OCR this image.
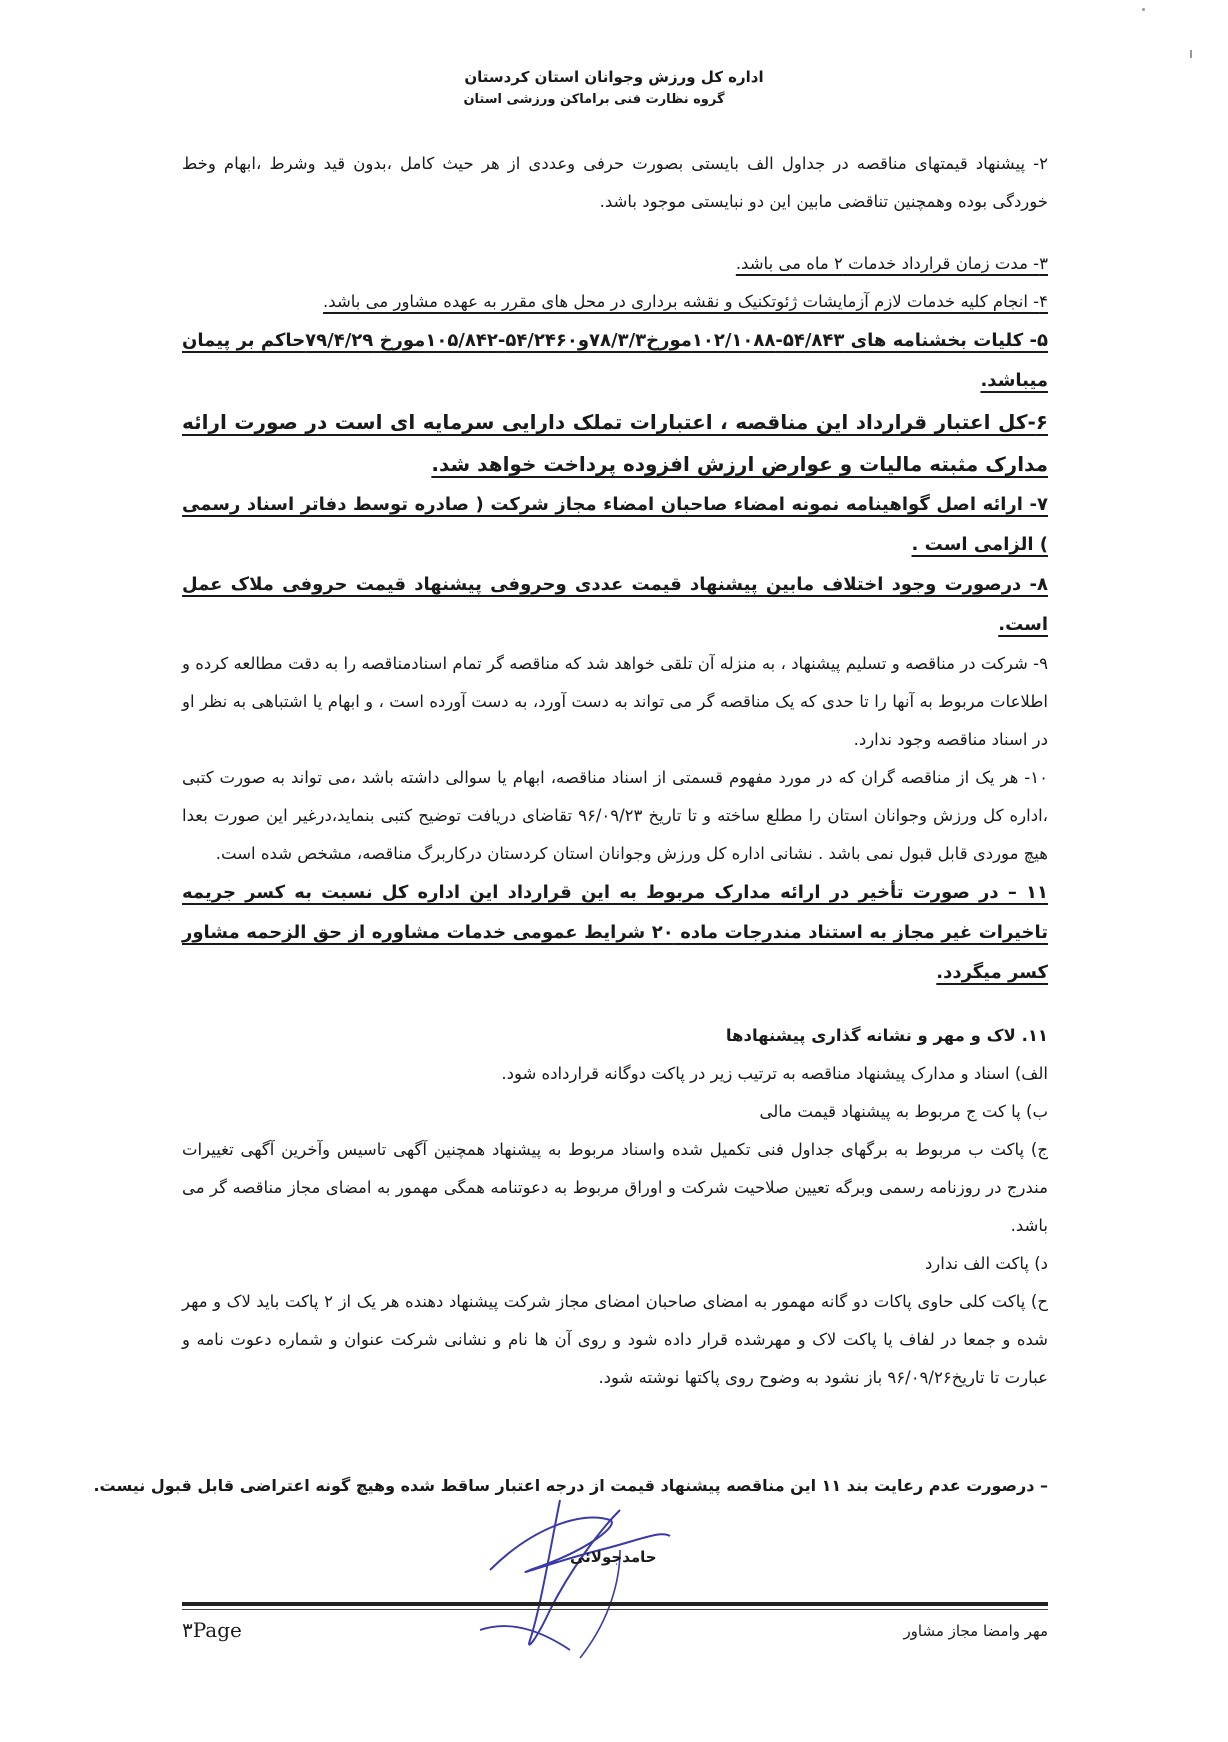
اداره کل ورزش وجوانان استان کردستان
گروه نظارت فنی براماکن ورزشی استان

۲- پیشنهاد قیمتهای مناقصه در جداول الف بایستی بصورت حرفی وعددی از هر حیث کامل ،بدون قید وشرط ،ابهام وخط خوردگی بوده وهمچنین تناقضی مابین این دو نبایستی موجود باشد.

۳- مدت زمان قرارداد خدمات ۲ ماه می باشد.

۴- انجام کلیه خدمات لازم آزمایشات ژئوتکنیک و نقشه برداری در محل های مقرر به عهده مشاور می باشد.

۵- کلیات بخشنامه های ۵۴/۸۴۳-۱۰۲/۱۰۸۸مورخ۷۸/۳/۳و۵۴/۲۴۶۰-۱۰۵/۸۴۲مورخ ۷۹/۴/۲۹حاکم بر پیمان میباشد.

۶-کل اعتبار قرارداد این مناقصه ، اعتبارات تملک دارایی سرمایه ای است در صورت ارائه مدارک مثبته مالیات و عوارض ارزش افزوده پرداخت خواهد شد.

۷- ارائه اصل گواهینامه نمونه امضاء صاحبان امضاء مجاز شرکت ( صادره توسط دفاتر اسناد رسمی ) الزامی است .

۸- درصورت وجود اختلاف مابین پیشنهاد قیمت عددی وحروفی پیشنهاد قیمت حروفی ملاک عمل است.

۹- شرکت در مناقصه و تسلیم پیشنهاد ، به منزله آن تلقی خواهد شد که مناقصه گر تمام اسنادمناقصه را به دقت مطالعه کرده و اطلاعات مربوط به آنها را تا حدی که یک مناقصه گر می تواند به دست آورد، به دست آورده است ، و ابهام یا اشتباهی به نظر او در اسناد مناقصه وجود ندارد.

۱۰- هر یک از مناقصه گران که در مورد مفهوم قسمتی از اسناد مناقصه، ابهام یا سوالی داشته باشد ،می تواند به صورت کتبی ،اداره کل ورزش وجوانان استان را مطلع ساخته و تا تاریخ ۹۶/۰۹/۲۳ تقاضای دریافت توضیح کتبی بنماید،درغیر این صورت بعدا هیچ موردی قابل قبول نمی باشد . نشانی اداره کل ورزش وجوانان استان کردستان درکاربرگ مناقصه، مشخص شده است.

۱۱ – در صورت تأخیر در ارائه مدارک مربوط به این قرارداد این اداره کل نسبت به کسر جریمه تاخیرات غیر مجاز به استناد مندرجات ماده ۲۰ شرایط عمومی خدمات مشاوره از حق الزحمه مشاور کسر میگردد.

۱۱. لاک و مهر و نشانه گذاری پیشنهادها

الف) اسناد و مدارک پیشنهاد مناقصه به ترتیب زیر در پاکت دوگانه قرارداده شود.

ب) پا کت ج مربوط به پیشنهاد قیمت مالی

ج) پاکت ب مربوط به برگهای جداول فنی تکمیل شده واسناد مربوط به پیشنهاد همچنین آگهی تاسیس وآخرین آگهی تغییرات مندرج در روزنامه رسمی وبرگه تعیین صلاحیت شرکت و اوراق مربوط به دعوتنامه همگی مهمور به امضای مجاز مناقصه گر می باشد.

د) پاکت الف ندارد

ح) پاکت کلی حاوی پاکات دو گانه مهمور به امضای صاحبان امضای مجاز شرکت پیشنهاد دهنده هر یک از ۲ پاکت باید لاک و مهر شده و جمعا در لفاف یا پاکت لاک و مهرشده قرار داده شود و روی آن ها نام و نشانی شرکت عنوان و شماره دعوت نامه و عبارت تا تاریخ۹۶/۰۹/۲۶ باز نشود به وضوح روی پاکتها نوشته شود.

– درصورت عدم رعایت بند ۱۱ این مناقصه پیشنهاد قیمت از درجه اعتبار ساقط شده وهیچ گونه اعتراضی قابل قبول نیست.
حامدجولائی
مهر وامضا مجاز مشاور
۳Page
